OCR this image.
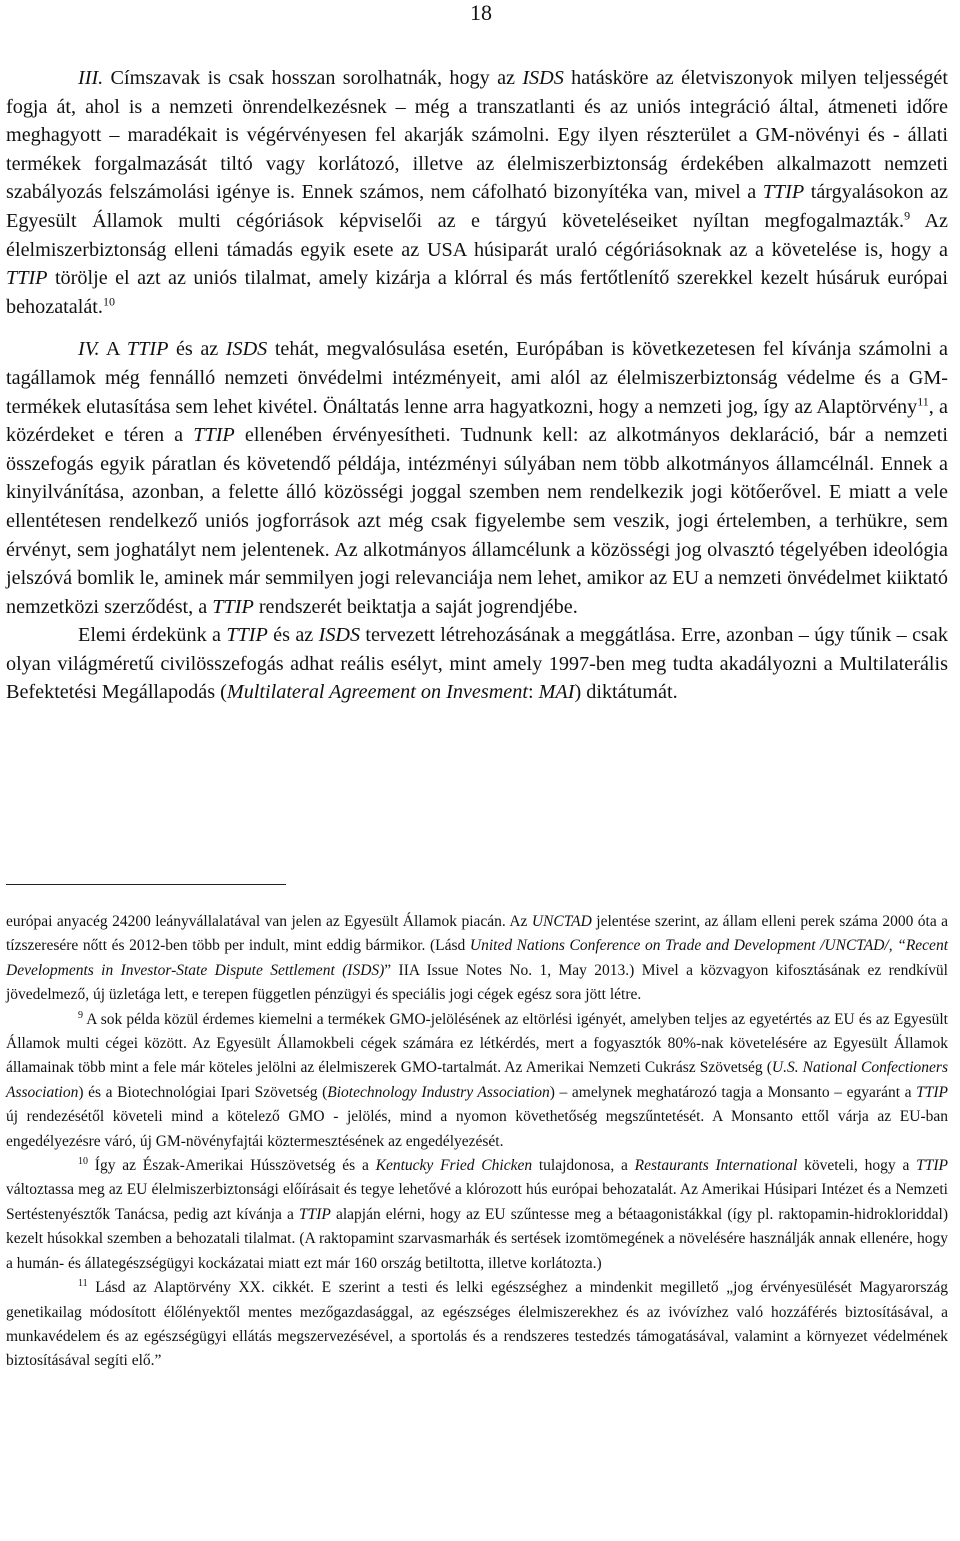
18

III. Címszavak is csak hosszan sorolhatnák, hogy az ISDS hatásköre az életviszonyok milyen teljességét fogja át, ahol is a nemzeti önrendelkezésnek – még a transzatlanti és az uniós integráció által, átmeneti időre meghagyott – maradékait is végérvényesen fel akarják számolni. Egy ilyen részterület a GM-növényi és - állati termékek forgalmazását tiltó vagy korlátozó, illetve az élelmiszerbiztonság érdekében alkalmazott nemzeti szabályozás felszámolási igénye is. Ennek számos, nem cáfolható bizonyítéka van, mivel a TTIP tárgyalásokon az Egyesült Államok multi cégóriások képviselői az e tárgyú követeléseiket nyíltan megfogalmazták.$^9$ Az élelmiszerbiztonság elleni támadás egyik esete az USA húsiparát uraló cégóriásoknak az a követelése is, hogy a TTIP törölje el azt az uniós tilalmat, amely kizárja a klórral és más fertőtlenítő szerekkel kezelt húsáruk európai behozatalát.$^{10}$

IV. A TTIP és az ISDS tehát, megvalósulása esetén, Európában is következetesen fel kívánja számolni a tagállamok még fennálló nemzeti önvédelmi intézményeit, ami alól az élelmiszerbiztonság védelme és a GM-termékek elutasítása sem lehet kivétel. Önáltatás lenne arra hagyatkozni, hogy a nemzeti jog, így az Alaptörvény$^{11}$, a közérdeket e téren a TTIP ellenében érvényesítheti. Tudnunk kell: az alkotmányos deklaráció, bár a nemzeti összefogás egyik páratlan és követendő példája, intézményi súlyában nem több alkotmányos államcélnál. Ennek a kinyilvánítása, azonban, a felette álló közösségi joggal szemben nem rendelkezik jogi kötőerővel. E miatt a vele ellentétesen rendelkező uniós jogforrások azt még csak figyelembe sem veszik, jogi értelemben, a terhükre, sem érvényt, sem joghatályt nem jelentenek. Az alkotmányos államcélunk a közösségi jog olvasztó tégelyében ideológia jelszóvá bomlik le, aminek már semmilyen jogi relevanciája nem lehet, amikor az EU a nemzeti önvédelmet kiiktató nemzetközi szerződést, a TTIP rendszerét beiktatja a saját jogrendjébe.

Elemi érdekünk a TTIP és az ISDS tervezett létrehozásának a meggátlása. Erre, azonban – úgy tűnik – csak olyan világméretű civilösszefogás adhat reális esélyt, mint amely 1997-ben meg tudta akadályozni a Multilaterális Befektetési Megállapodás (Multilateral Agreement on Invesment: MAI) diktátumát.

európai anyacég 24200 leányvállalatával van jelen az Egyesült Államok piacán. Az UNCTAD jelentése szerint, az állam elleni perek száma 2000 óta a tízszeresére nőtt és 2012-ben több per indult, mint eddig bármikor. (Lásd United Nations Conference on Trade and Development /UNCTAD/, “Recent Developments in Investor-State Dispute Settlement (ISDS)” IIA Issue Notes No. 1, May 2013.) Mivel a közvagyon kifosztásának ez rendkívül jövedelmező, új üzletága lett, e terepen független pénzügyi és speciális jogi cégek egész sora jött létre.

$^9$ A sok példa közül érdemes kiemelni a termékek GMO-jelölésének az eltörlési igényét, amelyben teljes az egyetértés az EU és az Egyesült Államok multi cégei között. Az Egyesült Államokbeli cégek számára ez létkérdés, mert a fogyasztók 80%-nak követelésére az Egyesült Államok államainak több mint a fele már köteles jelölni az élelmiszerek GMO-tartalmát. Az Amerikai Nemzeti Cukrász Szövetség (U.S. National Confectioners Association) és a Biotechnológiai Ipari Szövetség (Biotechnology Industry Association) – amelynek meghatározó tagja a Monsanto – egyaránt a TTIP új rendezésétől követeli mind a kötelező GMO - jelölés, mind a nyomon követhetőség megszűntetését. A Monsanto ettől várja az EU-ban engedélyezésre váró, új GM-növényfajtái köztermesztésének az engedélyezését.

$^{10}$ Így az Észak-Amerikai Hússzövetség és a Kentucky Fried Chicken tulajdonosa, a Restaurants International követeli, hogy a TTIP változtassa meg az EU élelmiszerbiztonsági előírásait és tegye lehetővé a klórozott hús európai behozatalát. Az Amerikai Húsipari Intézet és a Nemzeti Sertéstenyésztők Tanácsa, pedig azt kívánja a TTIP alapján elérni, hogy az EU szűntesse meg a bétaagonistákkal (így pl. raktopamin-hidrokloriddal) kezelt húsokkal szemben a behozatali tilalmat. (A raktopamint szarvasmarhák és sertések izomtömegének a növelésére használják annak ellenére, hogy a humán- és állategészségügyi kockázatai miatt ezt már 160 ország betiltotta, illetve korlátozta.)

$^{11}$ Lásd az Alaptörvény XX. cikkét. E szerint a testi és lelki egészséghez a mindenkit megillető „jog érvényesülését Magyarország genetikailag módosított élőlényektől mentes mezőgazdasággal, az egészséges élelmiszerekhez és az ivóvízhez való hozzáférés biztosításával, a munkavédelem és az egészségügyi ellátás megszervezésével, a sportolás és a rendszeres testedzés támogatásával, valamint a környezet védelmének biztosításával segíti elő.”
